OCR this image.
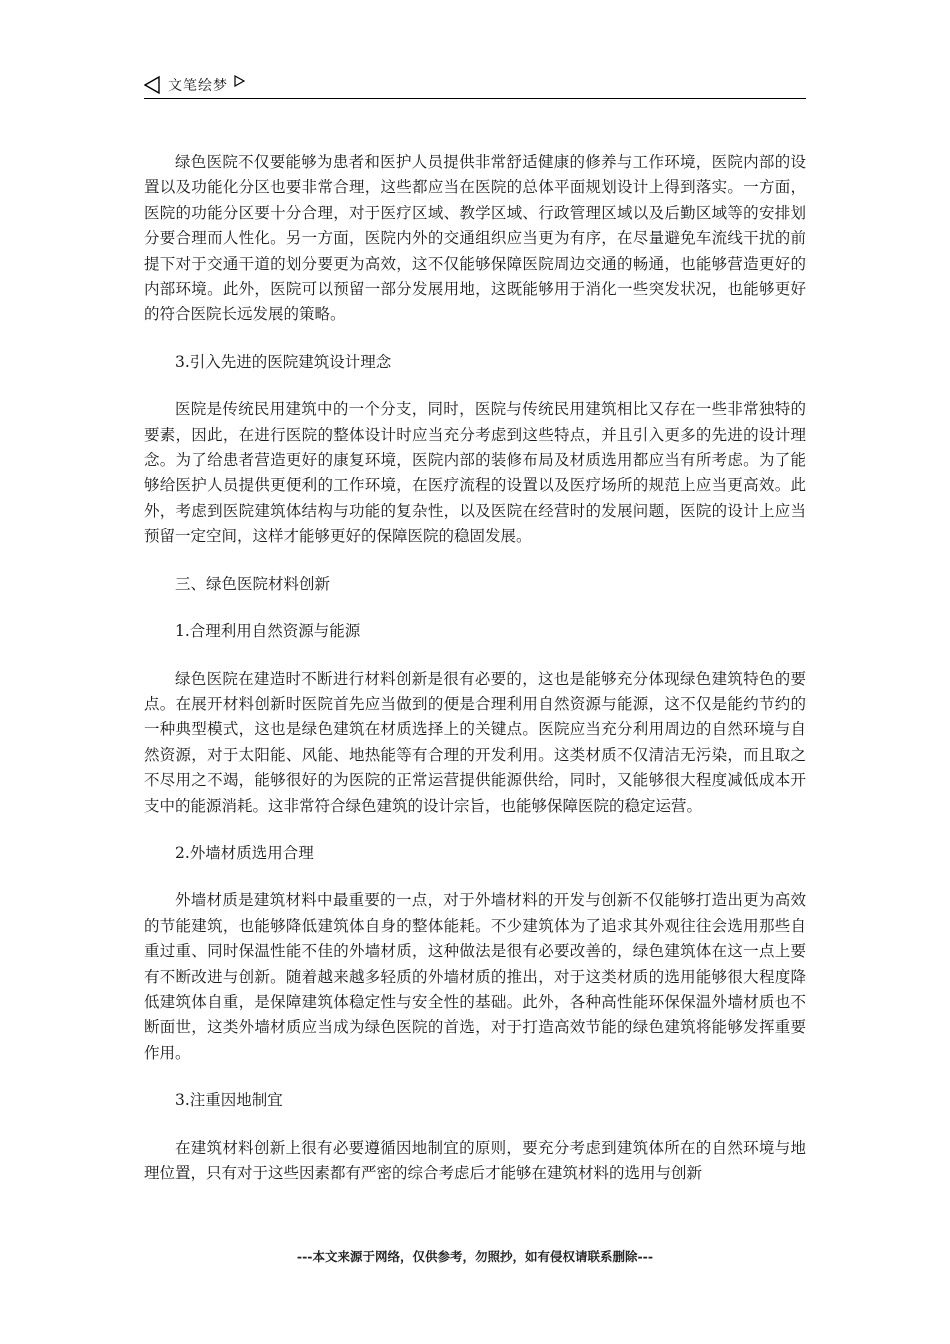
文笔绘梦

绿色医院不仅要能够为患者和医护人员提供非常舒适健康的修养与工作环境，医院内部的设置以及功能化分区也要非常合理，这些都应当在医院的总体平面规划设计上得到落实。一方面，医院的功能分区要十分合理，对于医疗区域、教学区域、行政管理区域以及后勤区域等的安排划分要合理而人性化。另一方面，医院内外的交通组织应当更为有序，在尽量避免车流线干扰的前提下对于交通干道的划分要更为高效，这不仅能够保障医院周边交通的畅通，也能够营造更好的内部环境。此外，医院可以预留一部分发展用地，这既能够用于消化一些突发状况，也能够更好的符合医院长远发展的策略。

3.引入先进的医院建筑设计理念

医院是传统民用建筑中的一个分支，同时，医院与传统民用建筑相比又存在一些非常独特的要素，因此，在进行医院的整体设计时应当充分考虑到这些特点，并且引入更多的先进的设计理念。为了给患者营造更好的康复环境，医院内部的装修布局及材质选用都应当有所考虑。为了能够给医护人员提供更便利的工作环境，在医疗流程的设置以及医疗场所的规范上应当更高效。此外，考虑到医院建筑体结构与功能的复杂性，以及医院在经营时的发展问题，医院的设计上应当预留一定空间，这样才能够更好的保障医院的稳固发展。

三、绿色医院材料创新

1.合理利用自然资源与能源

绿色医院在建造时不断进行材料创新是很有必要的，这也是能够充分体现绿色建筑特色的要点。在展开材料创新时医院首先应当做到的便是合理利用自然资源与能源，这不仅是能约节约的一种典型模式，这也是绿色建筑在材质选择上的关键点。医院应当充分利用周边的自然环境与自然资源，对于太阳能、风能、地热能等有合理的开发利用。这类材质不仅清洁无污染，而且取之不尽用之不竭，能够很好的为医院的正常运营提供能源供给，同时，又能够很大程度减低成本开支中的能源消耗。这非常符合绿色建筑的设计宗旨，也能够保障医院的稳定运营。

2.外墙材质选用合理

外墙材质是建筑材料中最重要的一点，对于外墙材料的开发与创新不仅能够打造出更为高效的节能建筑，也能够降低建筑体自身的整体能耗。不少建筑体为了追求其外观往往会选用那些自重过重、同时保温性能不佳的外墙材质，这种做法是很有必要改善的，绿色建筑体在这一点上要有不断改进与创新。随着越来越多轻质的外墙材质的推出，对于这类材质的选用能够很大程度降低建筑体自重，是保障建筑体稳定性与安全性的基础。此外，各种高性能环保保温外墙材质也不断面世，这类外墙材质应当成为绿色医院的首选，对于打造高效节能的绿色建筑将能够发挥重要作用。

3.注重因地制宜

在建筑材料创新上很有必要遵循因地制宜的原则，要充分考虑到建筑体所在的自然环境与地理位置，只有对于这些因素都有严密的综合考虑后才能够在建筑材料的选用与创新

---本文来源于网络，仅供参考，勿照抄，如有侵权请联系删除---
